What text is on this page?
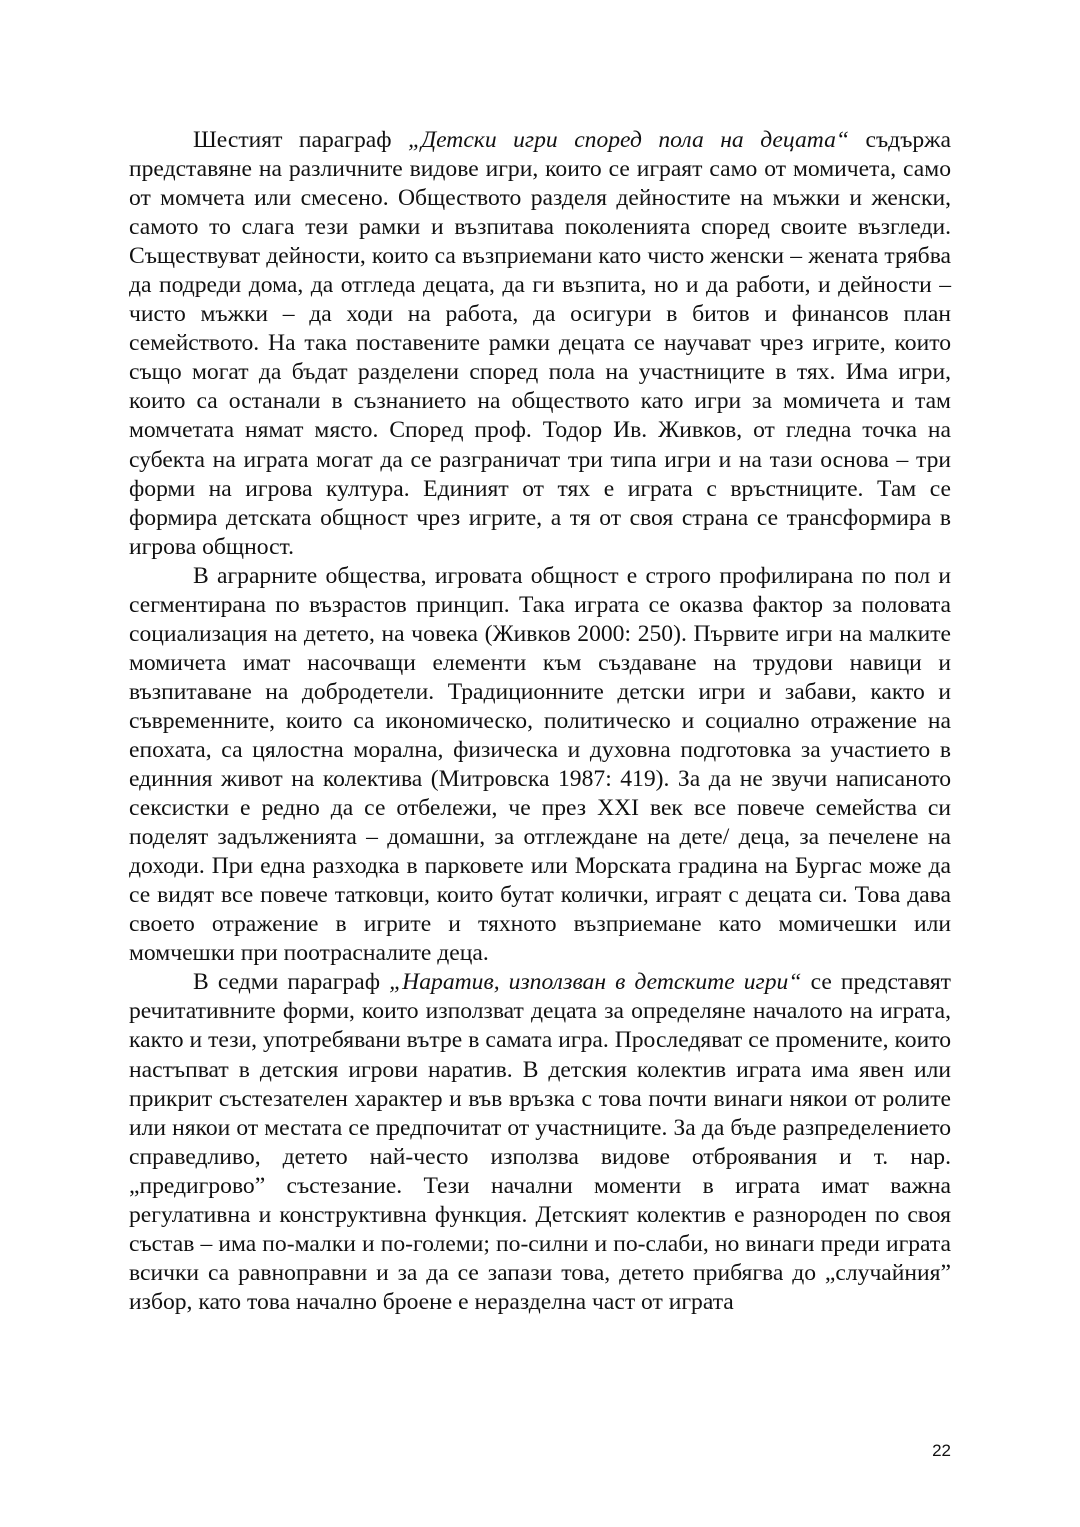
Шестият параграф „Детски игри според пола на децата“ съдържа представяне на различните видове игри, които се играят само от момичета, само от момчета или смесено. Обществото разделя дейностите на мъжки и женски, самото то слага тези рамки и възпитава поколенията според своите възгледи. Съществуват дейности, които са възприемани като чисто женски – жената трябва да подреди дома, да отгледа децата, да ги възпита, но и да работи, и дейности – чисто мъжки – да ходи на работа, да осигури в битов и финансов план семейството. На така поставените рамки децата се научават чрез игрите, които също могат да бъдат разделени според пола на участниците в тях. Има игри, които са останали в съзнанието на обществото като игри за момичета и там момчетата нямат място. Според проф. Тодор Ив. Живков, от гледна точка на субекта на играта могат да се разграничат три типа игри и на тази основа – три форми на игрова култура. Единият от тях е играта с връстниците. Там се формира детската общност чрез игрите, а тя от своя страна се трансформира в игрова общност.

В аграрните общества, игровата общност е строго профилирана по пол и сегментирана по възрастов принцип. Така играта се оказва фактор за половата социализация на детето, на човека (Живков 2000: 250). Първите игри на малките момичета имат насочващи елементи към създаване на трудови навици и възпитаване на добродетели. Традиционните детски игри и забави, както и съвременните, които са икономическо, политическо и социално отражение на епохата, са цялостна морална, физическа и духовна подготовка за участието в единния живот на колектива (Митровска 1987: 419). За да не звучи написаното сексистки е редно да се отбележи, че през XXI век все повече семейства си поделят задълженията – домашни, за отглеждане на дете/ деца, за печелене на доходи. При една разходка в парковете или Морската градина на Бургас може да се видят все повече татковци, които бутат колички, играят с децата си. Това дава своето отражение в игрите и тяхното възприемане като момичешки или момчешки при поотрасналите деца.

В седми параграф „Наратив, използван в детските игри“ се представят речитативните форми, които използват децата за определяне началото на играта, както и тези, употребявани вътре в самата игра. Проследяват се промените, които настъпват в детския игрови наратив. В детския колектив играта има явен или прикрит състезателен характер и във връзка с това почти винаги някои от ролите или някои от местата се предпочитат от участниците. За да бъде разпределението справедливо, детето най-често използва видове отброявания и т. нар. „предигрово” състезание. Тези начални моменти в играта имат важна регулативна и конструктивна функция. Детският колектив е разнороден по своя състав – има по-малки и по-големи; по-силни и по-слаби, но винаги преди играта всички са равноправни и за да се запази това, детето прибягва до „случайния” избор, като това начално броене е неразделна част от играта

22
